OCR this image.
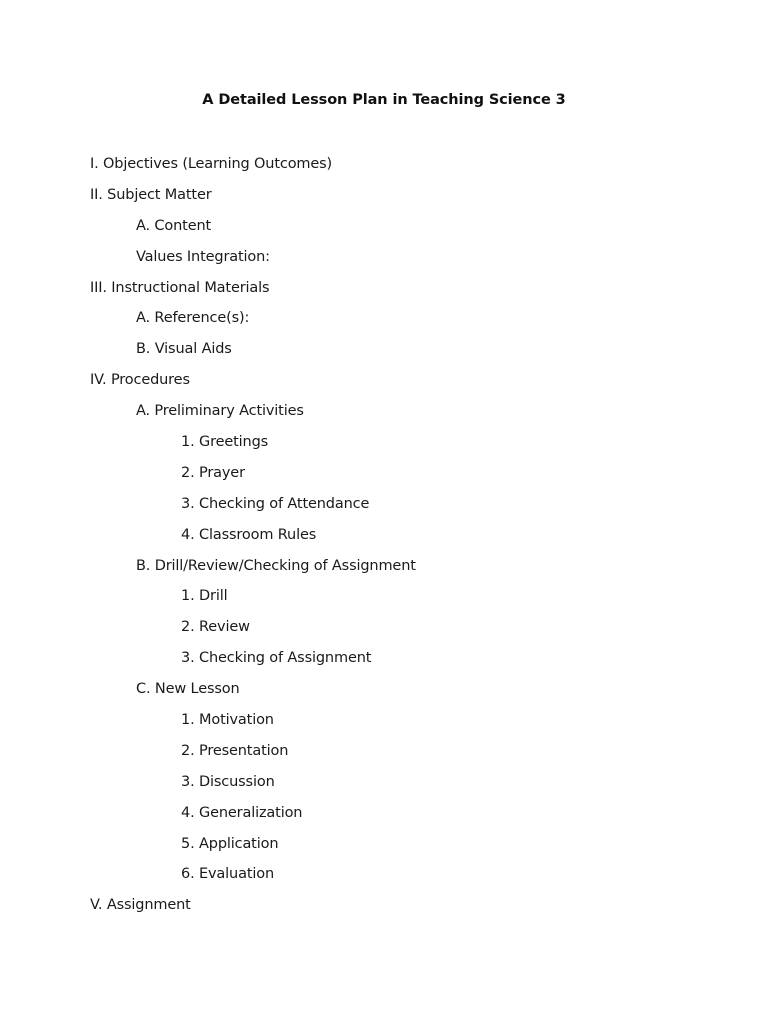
A Detailed Lesson Plan in Teaching Science 3
I. Objectives (Learning Outcomes)
II. Subject Matter
A. Content
Values Integration:
III. Instructional Materials
A. Reference(s):
B. Visual Aids
IV. Procedures
A. Preliminary Activities
1. Greetings
2. Prayer
3. Checking of Attendance
4. Classroom Rules
B. Drill/Review/Checking of Assignment
1. Drill
2. Review
3. Checking of Assignment
C. New Lesson
1. Motivation
2. Presentation
3. Discussion
4. Generalization
5. Application
6. Evaluation
V. Assignment
